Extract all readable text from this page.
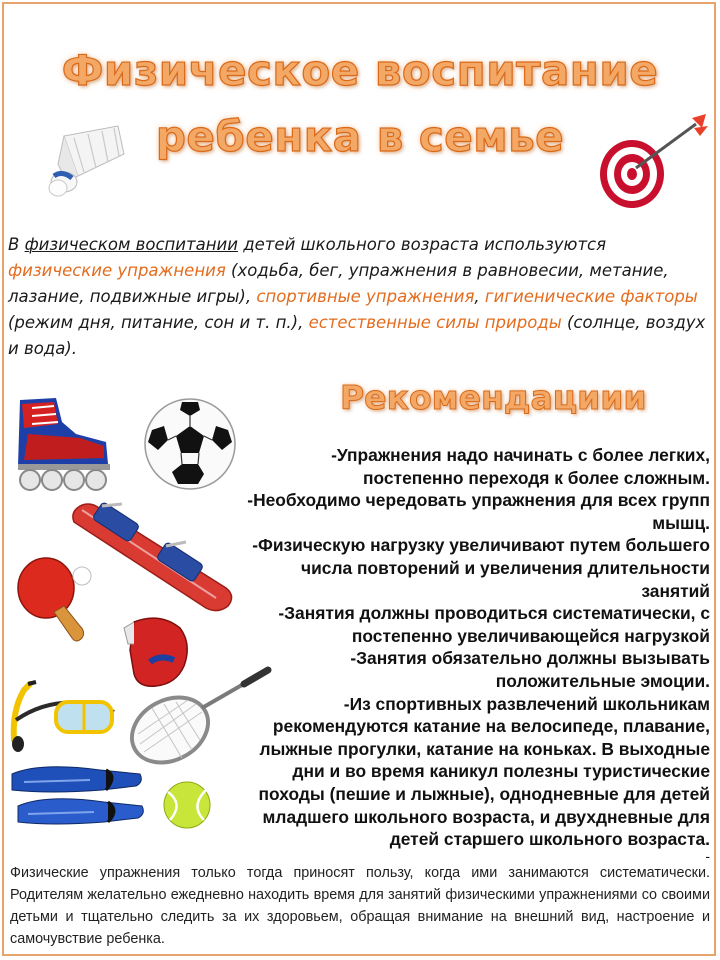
Физическое воспитание
ребенка в семье
В физическом воспитании детей школьного возраста используются физические упражнения (ходьба, бег, упражнения в равновесии, метание, лазание, подвижные игры), спортивные упражнения, гигиенические факторы (режим дня, питание, сон и т. п.), естественные силы природы (солнце, воздух и вода).
Рекомендациии

-Упражнения надо начинать с более легких, постепенно переходя к более сложным.

-Необходимо чередовать упражнения для всех групп мышц.

-Физическую нагрузку увеличивают путем большего числа повторений и увеличения длительности занятий

-Занятия должны проводиться систематически, с постепенно увеличивающейся нагрузкой

-Занятия обязательно должны вызывать положительные эмоции.

-Из спортивных развлечений школьникам рекомендуются катание на велосипеде, плавание, лыжные прогулки, катание на коньках. В выходные дни и во время каникул полезны туристические походы (пешие и лыжные), однодневные для детей младшего школьного возраста, и двухдневные для детей старшего школьного возраста.

-
Физические упражнения только тогда приносят пользу, когда ими занимаются систематически. Родителям желательно ежедневно находить время для занятий физическими упражнениями со своими детьми и тщательно следить за их здоровьем, обращая внимание на внешний вид, настроение и самочувствие ребенка.
